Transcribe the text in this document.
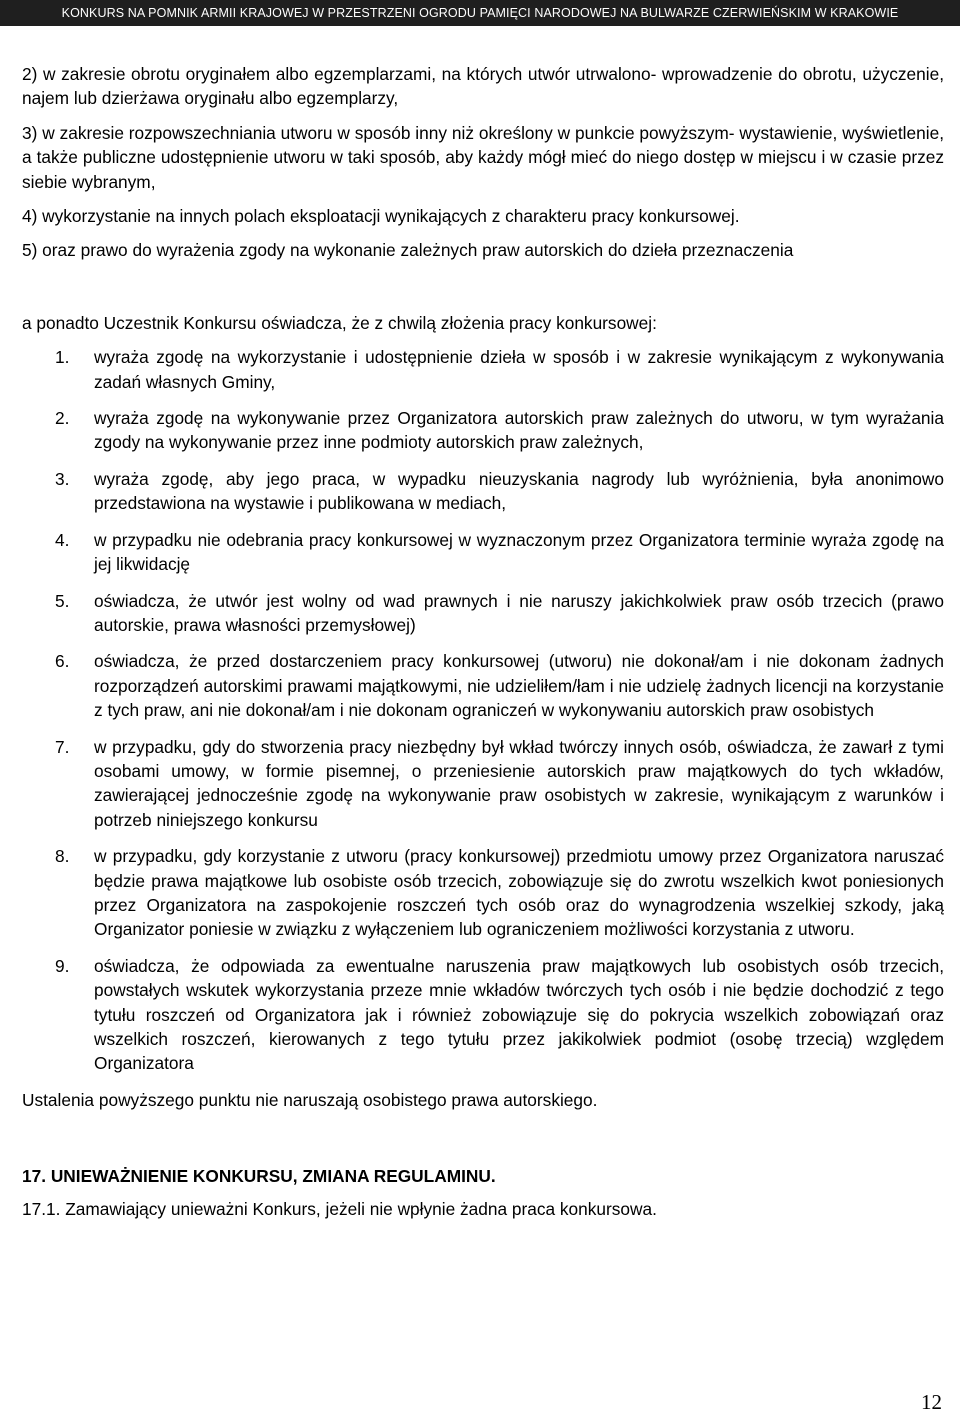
KONKURS NA POMNIK ARMII KRAJOWEJ W PRZESTRZENI OGRODU PAMIĘCI NARODOWEJ NA BULWARZE CZERWIEŃSKIM W KRAKOWIE

2) w zakresie obrotu oryginałem albo egzemplarzami, na których utwór utrwalono- wprowadzenie do obrotu, użyczenie, najem lub dzierżawa oryginału albo egzemplarzy,

3) w zakresie rozpowszechniania utworu w sposób inny niż określony w punkcie powyższym- wystawienie, wyświetlenie, a także publiczne udostępnienie utworu w taki sposób, aby każdy mógł mieć do niego dostęp w miejscu i w czasie przez siebie wybranym,

4) wykorzystanie na innych polach eksploatacji wynikających z charakteru pracy konkursowej.

5) oraz prawo do wyrażenia zgody na wykonanie zależnych praw autorskich do dzieła przeznaczenia

a ponadto Uczestnik Konkursu oświadcza, że z chwilą złożenia pracy konkursowej:

1. wyraża zgodę na wykorzystanie i udostępnienie dzieła w sposób i w zakresie wynikającym z wykonywania zadań własnych Gminy,
2. wyraża zgodę na wykonywanie przez Organizatora autorskich praw zależnych do utworu, w tym wyrażania zgody na wykonywanie przez inne podmioty autorskich praw zależnych,
3. wyraża zgodę, aby jego praca, w wypadku nieuzyskania nagrody lub wyróżnienia, była anonimowo przedstawiona na wystawie i publikowana w mediach,
4. w przypadku nie odebrania pracy konkursowej w wyznaczonym przez Organizatora terminie wyraża zgodę na jej likwidację
5. oświadcza, że utwór jest wolny od wad prawnych i nie naruszy jakichkolwiek praw osób trzecich (prawo autorskie, prawa własności przemysłowej)
6. oświadcza, że przed dostarczeniem pracy konkursowej (utworu) nie dokonał/am i nie dokonam żadnych rozporządzeń autorskimi prawami majątkowymi, nie udzieliłem/łam i nie udzielę żadnych licencji na korzystanie z tych praw, ani nie dokonał/am i nie dokonam ograniczeń w wykonywaniu autorskich praw osobistych
7. w przypadku, gdy do stworzenia pracy niezbędny był wkład twórczy innych osób, oświadcza, że zawarł z tymi osobami umowy, w formie pisemnej, o przeniesienie autorskich praw majątkowych do tych wkładów, zawierającej jednocześnie zgodę na wykonywanie praw osobistych w zakresie, wynikającym z warunków i potrzeb niniejszego konkursu
8. w przypadku, gdy korzystanie z utworu (pracy konkursowej) przedmiotu umowy przez Organizatora naruszać będzie prawa majątkowe lub osobiste osób trzecich, zobowiązuje się do zwrotu wszelkich kwot poniesionych przez Organizatora na zaspokojenie roszczeń tych osób oraz do wynagrodzenia wszelkiej szkody, jaką Organizator poniesie w związku z wyłączeniem lub ograniczeniem możliwości korzystania z utworu.
9. oświadcza, że odpowiada za ewentualne naruszenia praw majątkowych lub osobistych osób trzecich, powstałych wskutek wykorzystania przeze mnie wkładów twórczych tych osób i nie będzie dochodzić z tego tytułu roszczeń od Organizatora jak i również zobowiązuje się do pokrycia wszelkich zobowiązań oraz wszelkich roszczeń, kierowanych z tego tytułu przez jakikolwiek podmiot (osobę trzecią) względem Organizatora

Ustalenia powyższego punktu nie naruszają osobistego prawa autorskiego.

17. UNIEWAŻNIENIE KONKURSU, ZMIANA REGULAMINU.

17.1. Zamawiający unieważni Konkurs, jeżeli nie wpłynie żadna praca konkursowa.

12
